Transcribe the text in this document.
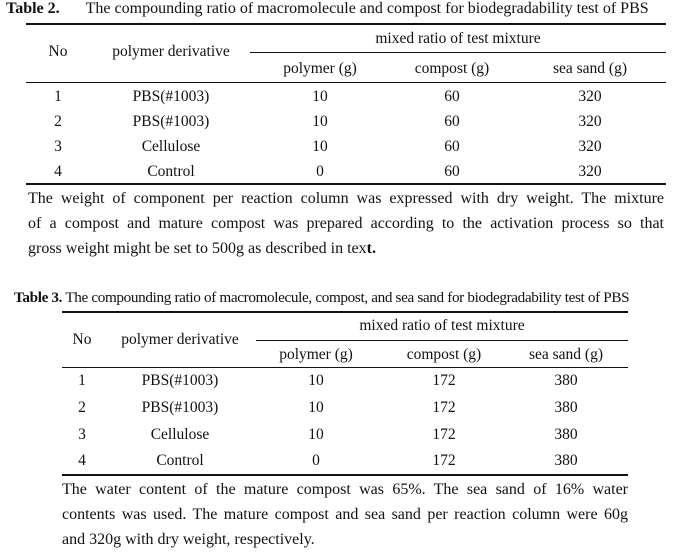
Table 2. The compounding ratio of macromolecule and compost for biodegradability test of PBS
No	polymer derivative
mixed ratio of test mixture
polymer (g)	compost (g)	sea sand (g)
1	PBS(#1003)	10	60	320
2	PBS(#1003)	10	60	320
3	Cellulose	10	60	320
4	Control	0	60	320
The weight of component per reaction column was expressed with dry weight. The mixture
of a compost and mature compost was prepared according to the activation process so that
gross weight might be set to 500g as described in text.
Table 3. The compounding ratio of macromolecule, compost, and sea sand for biodegradability test of PBS
No	polymer derivative
mixed ratio of test mixture
polymer (g)	compost (g)	sea sand (g)
1	PBS(#1003)	10	172	380
2	PBS(#1003)	10	172	380
3	Cellulose	10	172	380
4	Control	0	172	380
The water content of the mature compost was 65%. The sea sand of 16% water
contents was used. The mature compost and sea sand per reaction column were 60g
and 320g with dry weight, respectively.
